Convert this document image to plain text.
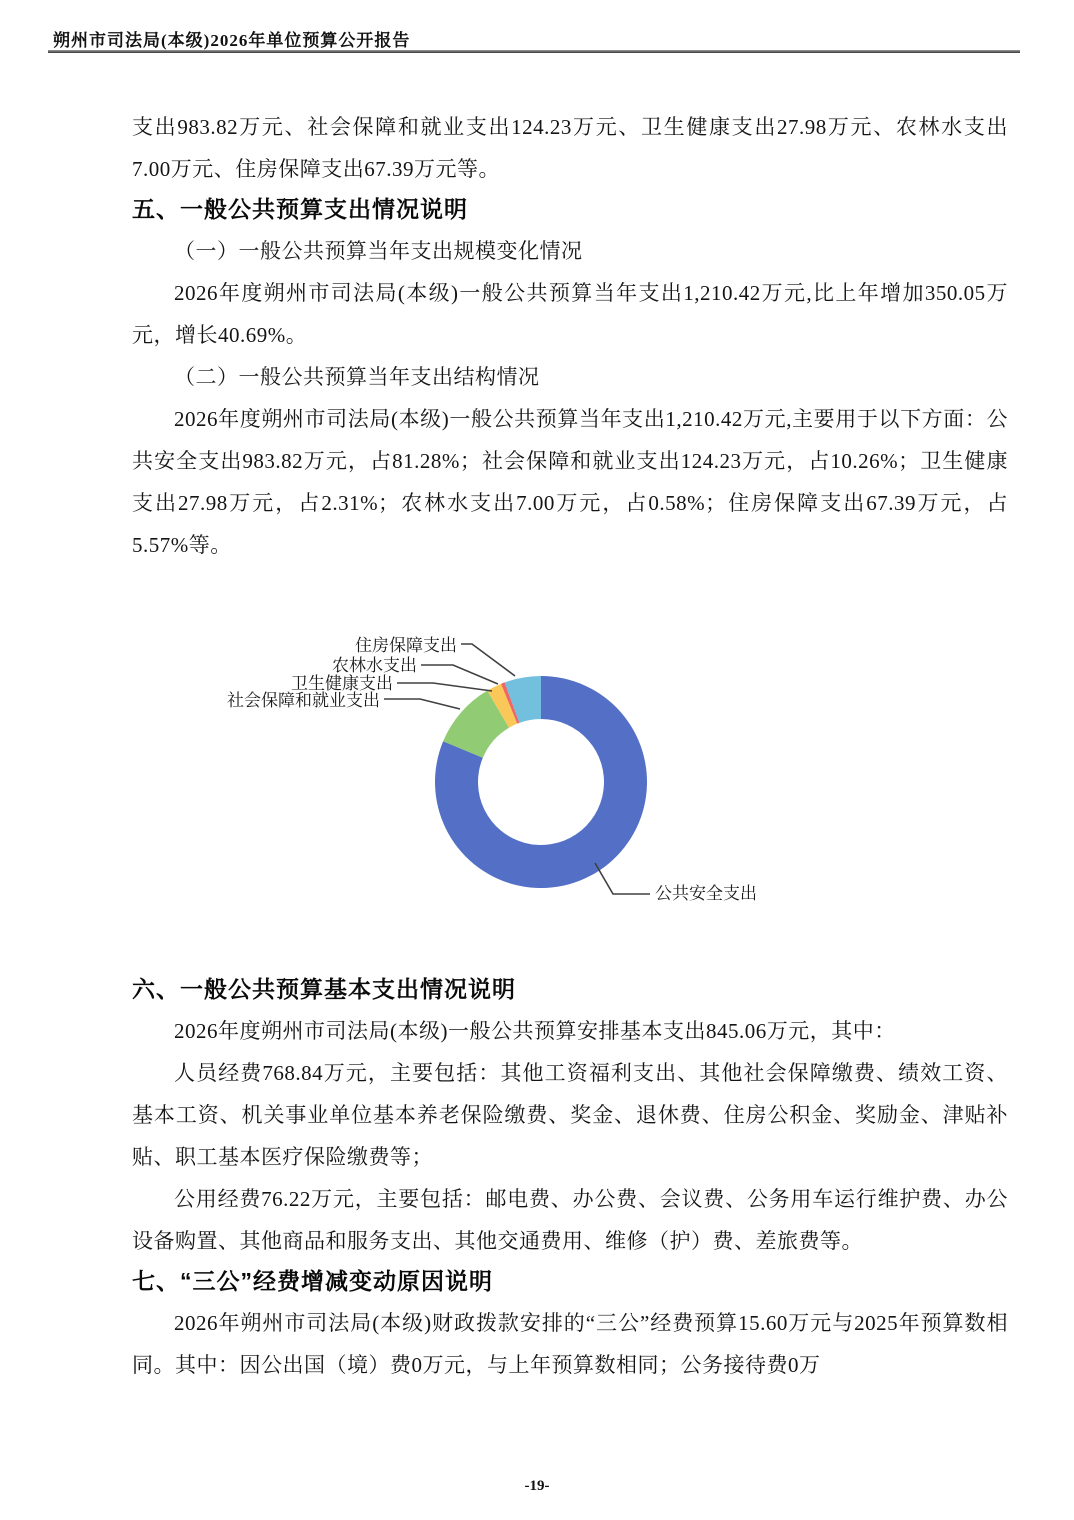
朔州市司法局(本级)2026年单位预算公开报告

支出983.82万元、社会保障和就业支出124.23万元、卫生健康支出27.98万元、农林水支出7.00万元、住房保障支出67.39万元等。

五、一般公共预算支出情况说明

（一）一般公共预算当年支出规模变化情况

2026年度朔州市司法局(本级)一般公共预算当年支出1,210.42万元,比上年增加350.05万元，增长40.69%。

（二）一般公共预算当年支出结构情况

2026年度朔州市司法局(本级)一般公共预算当年支出1,210.42万元,主要用于以下方面：公共安全支出983.82万元，占81.28%；社会保障和就业支出124.23万元，占10.26%；卫生健康支出27.98万元，占2.31%；农林水支出7.00万元，占0.58%；住房保障支出67.39万元，占5.57%等。

住房保障支出
农林水支出
卫生健康支出
社会保障和就业支出
公共安全支出
六、一般公共预算基本支出情况说明

2026年度朔州市司法局(本级)一般公共预算安排基本支出845.06万元，其中：

人员经费768.84万元，主要包括：其他工资福利支出、其他社会保障缴费、绩效工资、基本工资、机关事业单位基本养老保险缴费、奖金、退休费、住房公积金、奖励金、津贴补贴、职工基本医疗保险缴费等；

公用经费76.22万元，主要包括：邮电费、办公费、会议费、公务用车运行维护费、办公设备购置、其他商品和服务支出、其他交通费用、维修（护）费、差旅费等。

七、“三公”经费增减变动原因说明

2026年朔州市司法局(本级)财政拨款安排的“三公”经费预算15.60万元与2025年预算数相同。其中：因公出国（境）费0万元，与上年预算数相同；公务接待费0万

-19-
